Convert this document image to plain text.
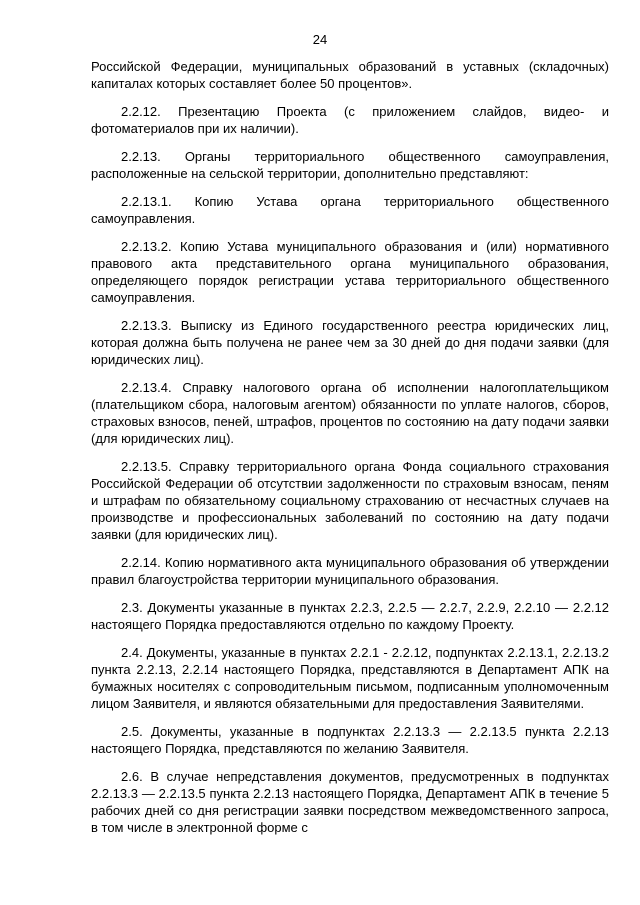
24

Российской Федерации, муниципальных образований в уставных (складочных) капиталах которых составляет более 50 процентов».

2.2.12. Презентацию Проекта (с приложением слайдов, видео- и фотоматериалов при их наличии).

2.2.13. Органы территориального общественного самоуправления, расположенные на сельской территории, дополнительно представляют:

2.2.13.1. Копию Устава органа территориального общественного самоуправления.

2.2.13.2. Копию Устава муниципального образования и (или) нормативного правового акта представительного органа муниципального образования, определяющего порядок регистрации устава территориального общественного самоуправления.

2.2.13.3. Выписку из Единого государственного реестра юридических лиц, которая должна быть получена не ранее чем за 30 дней до дня подачи заявки (для юридических лиц).

2.2.13.4. Справку налогового органа об исполнении налогоплательщиком (плательщиком сбора, налоговым агентом) обязанности по уплате налогов, сборов, страховых взносов, пеней, штрафов, процентов по состоянию на дату подачи заявки (для юридических лиц).

2.2.13.5. Справку территориального органа Фонда социального страхования Российской Федерации об отсутствии задолженности по страховым взносам, пеням и штрафам по обязательному социальному страхованию от несчастных случаев на производстве и профессиональных заболеваний по состоянию на дату подачи заявки (для юридических лиц).

2.2.14. Копию нормативного акта муниципального образования об утверждении правил благоустройства территории муниципального образования.

2.3. Документы указанные в пунктах 2.2.3, 2.2.5 — 2.2.7, 2.2.9, 2.2.10 — 2.2.12 настоящего Порядка предоставляются отдельно по каждому Проекту.

2.4. Документы, указанные в пунктах 2.2.1 - 2.2.12, подпунктах 2.2.13.1, 2.2.13.2 пункта 2.2.13, 2.2.14 настоящего Порядка, представляются в Департамент АПК на бумажных носителях с сопроводительным письмом, подписанным уполномоченным лицом Заявителя, и являются обязательными для предоставления Заявителями.

2.5. Документы, указанные в подпунктах 2.2.13.3 — 2.2.13.5 пункта 2.2.13 настоящего Порядка, представляются по желанию Заявителя.

2.6. В случае непредставления документов, предусмотренных в подпунктах 2.2.13.3 — 2.2.13.5 пункта 2.2.13 настоящего Порядка, Департамент АПК в течение 5 рабочих дней со дня регистрации заявки посредством межведомственного запроса, в том числе в электронной форме с
